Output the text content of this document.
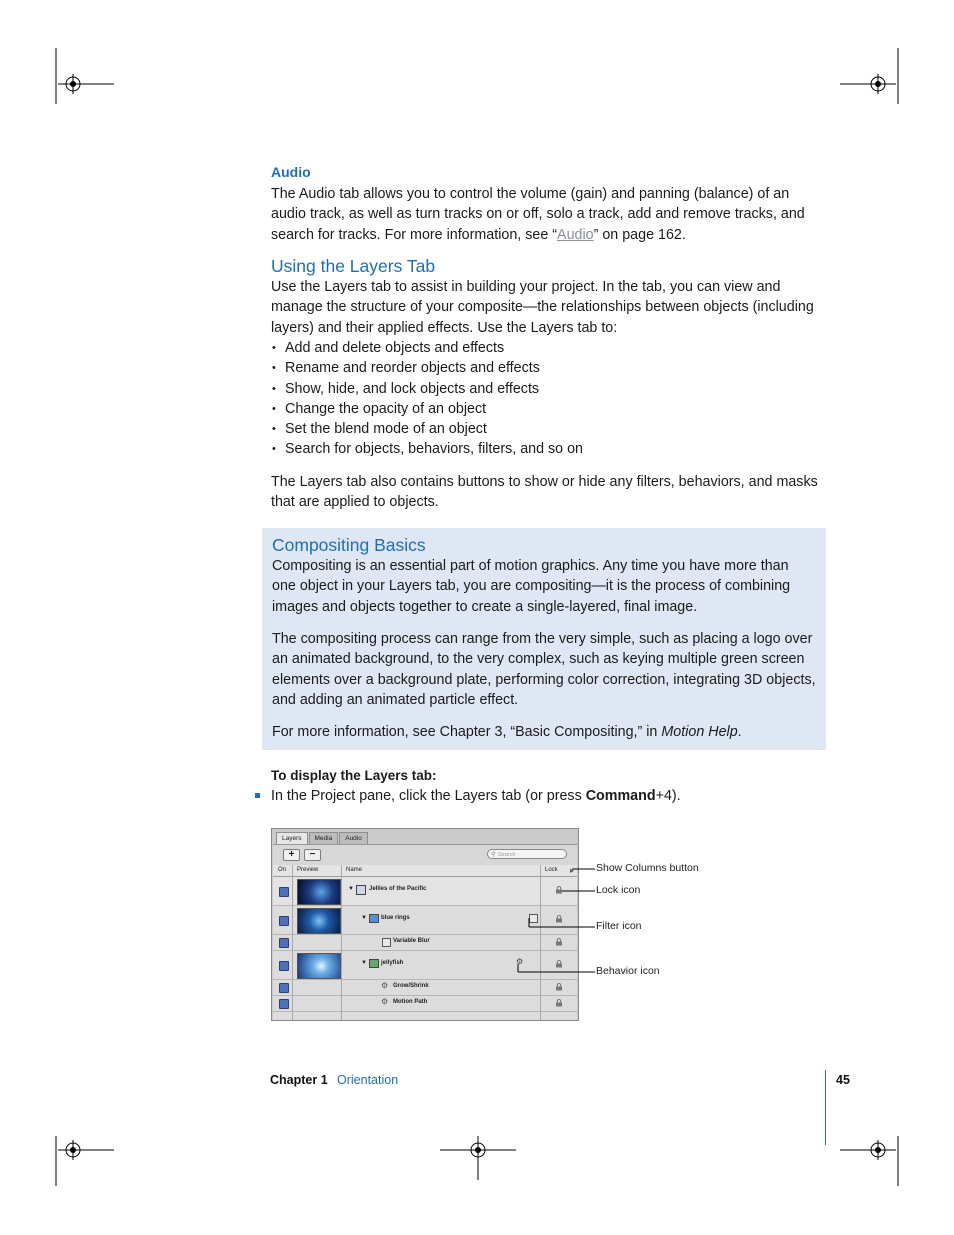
Audio
The Audio tab allows you to control the volume (gain) and panning (balance) of an audio track, as well as turn tracks on or off, solo a track, add and remove tracks, and search for tracks. For more information, see “Audio” on page 162.
Using the Layers Tab
Use the Layers tab to assist in building your project. In the tab, you can view and manage the structure of your composite—the relationships between objects (including layers) and their applied effects. Use the Layers tab to:
• Add and delete objects and effects
• Rename and reorder objects and effects
• Show, hide, and lock objects and effects
• Change the opacity of an object
• Set the blend mode of an object
• Search for objects, behaviors, filters, and so on
The Layers tab also contains buttons to show or hide any filters, behaviors, and masks that are applied to objects.
Compositing Basics
Compositing is an essential part of motion graphics. Any time you have more than one object in your Layers tab, you are compositing—it is the process of combining images and objects together to create a single-layered, final image.
The compositing process can range from the very simple, such as placing a logo over an animated background, to the very complex, such as keying multiple green screen elements over a background plate, performing color correction, integrating 3D objects, and adding an animated particle effect.
For more information, see Chapter 3, “Basic Compositing,” in Motion Help.
To display the Layers tab:
In the Project pane, click the Layers tab (or press Command+4).
Layers	Media	Audio
+	−	⚲ Search
On Preview	Name	Lock ▸
▼	Jellies of the Pacific
▼ blue rings
Variable Blur
▼ jellyfish	⚙
⚙ Grow/Shrink
⚙ Motion Path
Show Columns button
Lock icon
Filter icon
Behavior icon
Chapter 1 Orientation	45
